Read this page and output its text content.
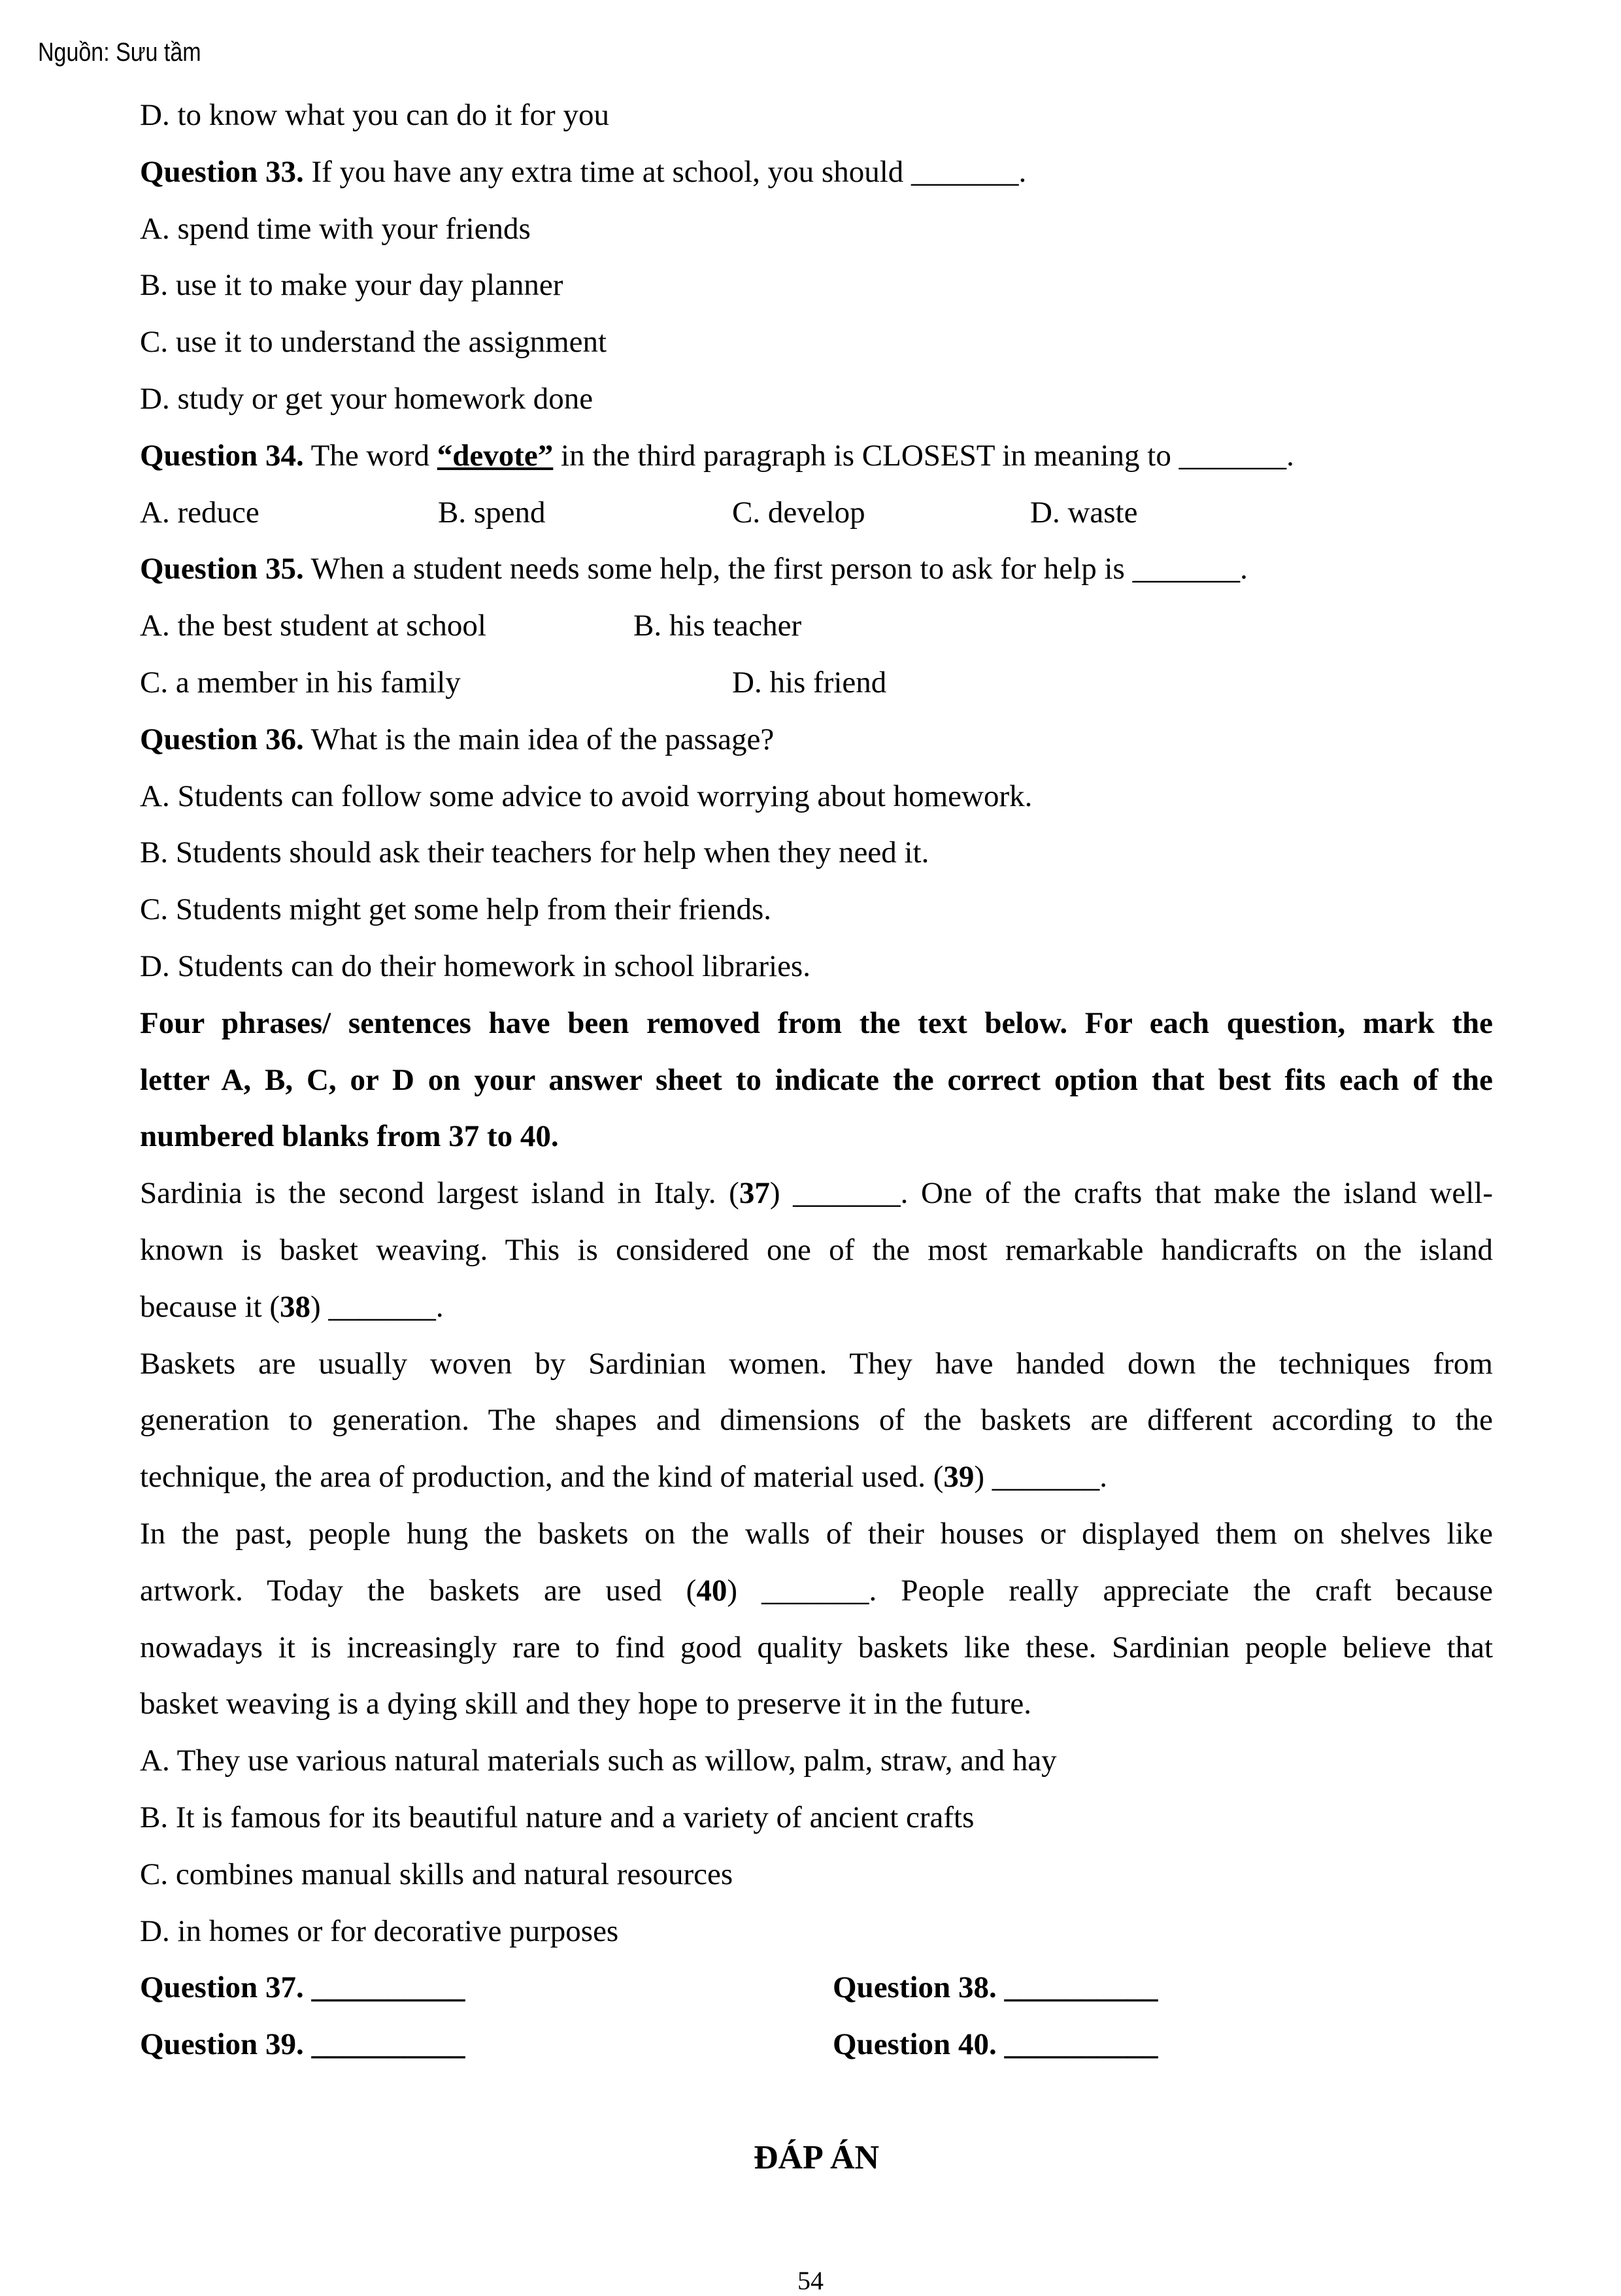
Nguồn: Sưu tầm
D. to know what you can do it for you
Question 33. If you have any extra time at school, you should _______.
A. spend time with your friends
B. use it to make your day planner
C. use it to understand the assignment
D. study or get your homework done
Question 34. The word “devote” in the third paragraph is CLOSEST in meaning to _______.
A. reduce	B. spend	C. develop	D. waste
Question 35. When a student needs some help, the first person to ask for help is _______.
A. the best student at school	B. his teacher
C. a member in his family	D. his friend
Question 36. What is the main idea of the passage?
A. Students can follow some advice to avoid worrying about homework.
B. Students should ask their teachers for help when they need it.
C. Students might get some help from their friends.
D. Students can do their homework in school libraries.
Four phrases/ sentences have been removed from the text below. For each question, mark the
letter A, B, C, or D on your answer sheet to indicate the correct option that best fits each of the
numbered blanks from 37 to 40.
Sardinia is the second largest island in Italy. (37) _______. One of the crafts that make the island well-
known is basket weaving. This is considered one of the most remarkable handicrafts on the island
because it (38) _______.
Baskets are usually woven by Sardinian women. They have handed down the techniques from
generation to generation. The shapes and dimensions of the baskets are different according to the
technique, the area of production, and the kind of material used. (39) _______.
In the past, people hung the baskets on the walls of their houses or displayed them on shelves like
artwork. Today the baskets are used (40) _______. People really appreciate the craft because
nowadays it is increasingly rare to find good quality baskets like these. Sardinian people believe that
basket weaving is a dying skill and they hope to preserve it in the future.
A. They use various natural materials such as willow, palm, straw, and hay
B. It is famous for its beautiful nature and a variety of ancient crafts
C. combines manual skills and natural resources
D. in homes or for decorative purposes
Question 37. __________	Question 38. __________
Question 39. __________	Question 40. __________
ĐÁP ÁN
54
